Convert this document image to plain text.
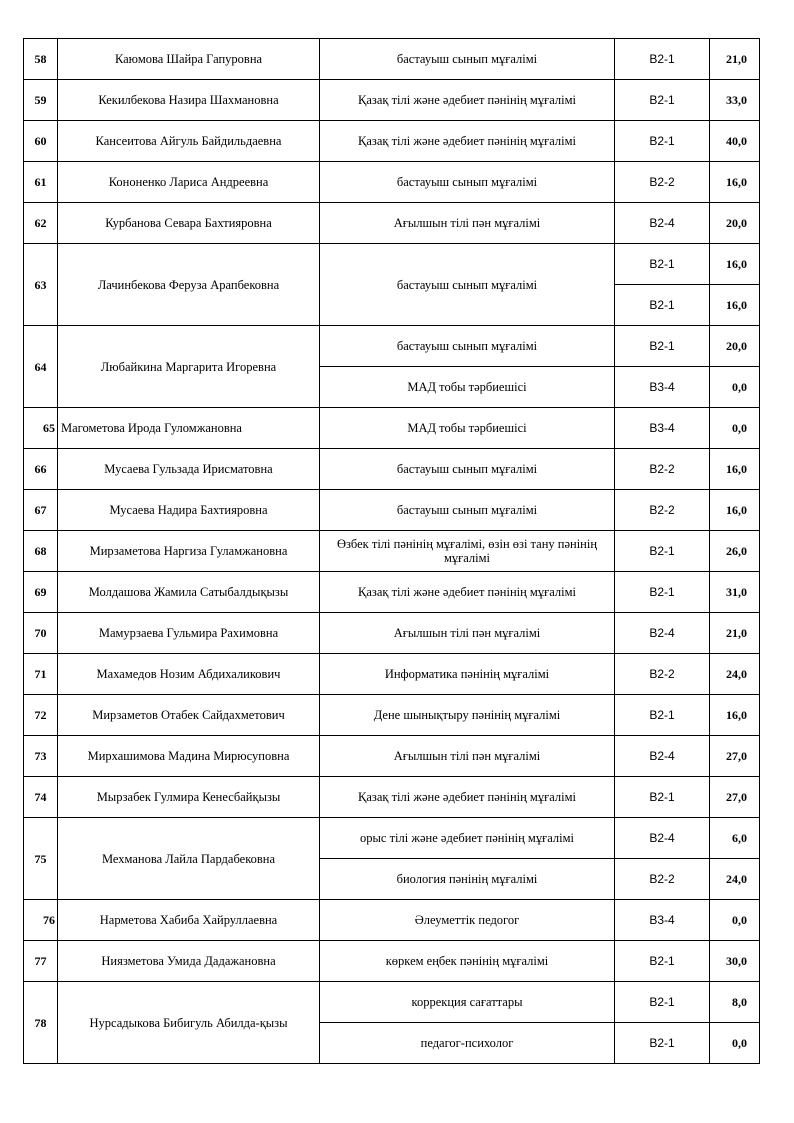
58	Каюмова Шайра Гапуровна	бастауыш сынып мұғалімі	B2-1	21,0
59	Кекилбекова Назира Шахмановна	Қазақ тілі және әдебиет пәнінің мұғалімі	B2-1	33,0
60	Кансеитова Айгуль Байдильдаевна	Қазақ тілі және әдебиет пәнінің мұғалімі	B2-1	40,0
61	Кононенко Лариса Андреевна	бастауыш сынып мұғалімі	B2-2	16,0
62	Курбанова Севара Бахтияровна	Ағылшын тілі пән мұғалімі	B2-4	20,0
63	Лачинбекова Феруза Арапбековна	бастауыш сынып мұғалімі	B2-1	16,0
			B2-1	16,0
64	Любайкина Маргарита Игоревна	бастауыш сынып мұғалімі	B2-1	20,0
		МАД тобы тәрбиешісі	B3-4	0,0
65	Магометова Ирода Гуломжановна	МАД тобы тәрбиешісі	B3-4	0,0
66	Мусаева Гульзада Ирисматовна	бастауыш сынып мұғалімі	B2-2	16,0
67	Мусаева Надира Бахтияровна	бастауыш сынып мұғалімі	B2-2	16,0
68	Мирзаметова Наргиза Гуламжановна	Өзбек тілі пәнінің мұғалімі, өзін өзі тану пәнінің мұғалімі	B2-1	26,0
69	Молдашова Жамила Сатыбалдықызы	Қазақ тілі және әдебиет пәнінің мұғалімі	B2-1	31,0
70	Мамурзаева Гульмира Рахимовна	Ағылшын тілі пән мұғалімі	B2-4	21,0
71	Махамедов Нозим Абдихаликович	Информатика пәнінің мұғалімі	B2-2	24,0
72	Мирзаметов Отабек Сайдахметович	Дене шынықтыру пәнінің мұғалімі	B2-1	16,0
73	Мирхашимова Мадина Мирюсуповна	Ағылшын тілі пән мұғалімі	B2-4	27,0
74	Мырзабек Гулмира Кенесбайқызы	Қазақ тілі және әдебиет пәнінің мұғалімі	B2-1	27,0
75	Мехманова Лайла Пардабековна	орыс тілі және әдебиет пәнінің мұғалімі	B2-4	6,0
		биология пәнінің мұғалімі	B2-2	24,0
76	Нарметова Хабиба Хайруллаевна	Әлеуметтік педогог	B3-4	0,0
77	Ниязметова Умида Дадажановна	көркем еңбек пәнінің мұғалімі	B2-1	30,0
78	Нурсадыкова Бибигуль Абилда-қызы	коррекция сағаттары	B2-1	8,0
		педагог-психолог	B2-1	0,0
